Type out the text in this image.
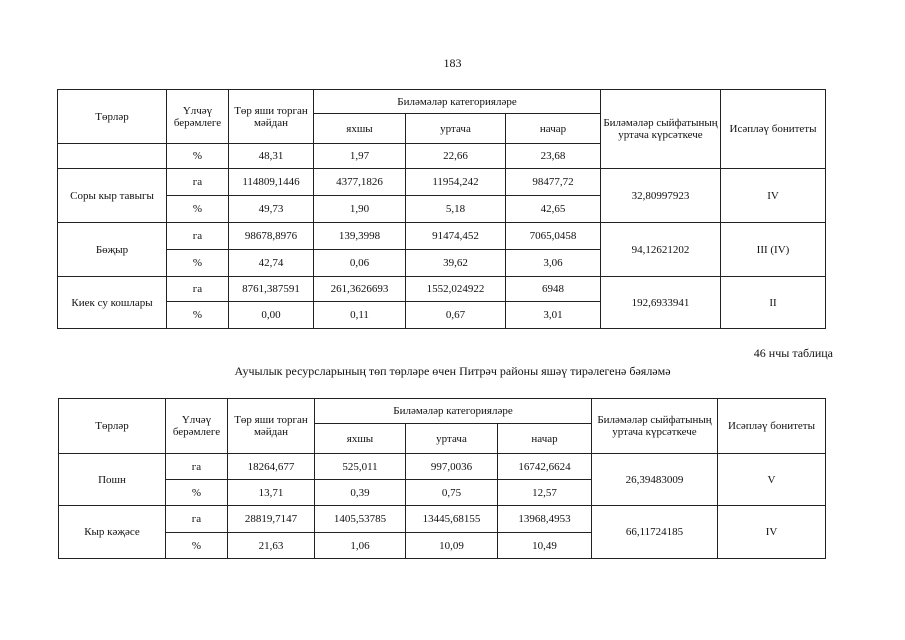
183
Төрләр	Үлчәү берәмлеге	Төр яши торган мәйдан	Биләмәләр категорияләре			Биләмәләр сыйфатының уртача күрсәткече	Исәпләү бонитеты
			яхшы	уртача	начар		
	%	48,31	1,97	22,66	23,68		
Соры кыр тавыгы	га	114809,1446	4377,1826	11954,242	98477,72	32,80997923	IV
	%	49,73	1,90	5,18	42,65		
Бөҗыр	га	98678,8976	139,3998	91474,452	7065,0458	94,12621202	III (IV)
	%	42,74	0,06	39,62	3,06		
Киек су кошлары	га	8761,387591	261,3626693	1552,024922	6948	192,6933941	II
	%	0,00	0,11	0,67	3,01		
46 нчы таблица
Аучылык ресурсларының төп төрләре өчен Питрәч районы яшәү тирәлегенә бәяләмә
Төрләр	Үлчәү берәмлеге	Төр яши торган мәйдан	Биләмәләр категорияләре			Биләмәләр сыйфатының уртача күрсәткече	Исәпләү бонитеты
			яхшы	уртача	начар		
Пошн	га	18264,677	525,011	997,0036	16742,6624	26,39483009	V
	%	13,71	0,39	0,75	12,57		
Кыр кәҗәсе	га	28819,7147	1405,53785	13445,68155	13968,4953	66,11724185	IV
	%	21,63	1,06	10,09	10,49		
